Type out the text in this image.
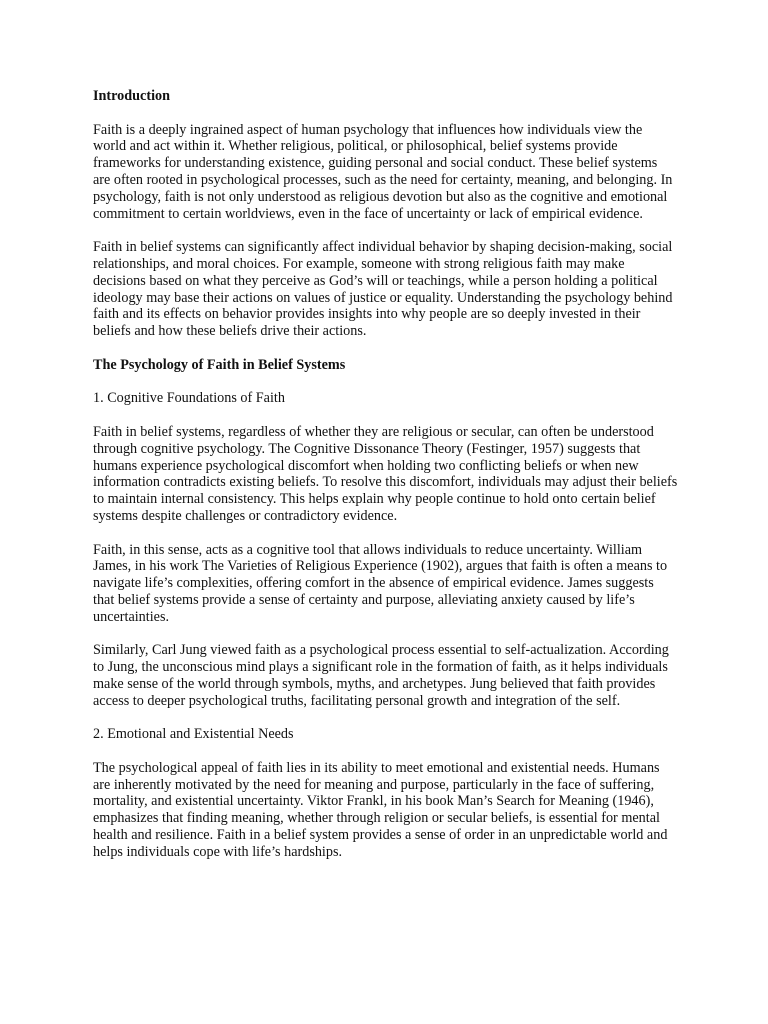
Introduction

Faith is a deeply ingrained aspect of human psychology that influences how individuals view the world and act within it. Whether religious, political, or philosophical, belief systems provide frameworks for understanding existence, guiding personal and social conduct. These belief systems are often rooted in psychological processes, such as the need for certainty, meaning, and belonging. In psychology, faith is not only understood as religious devotion but also as the cognitive and emotional commitment to certain worldviews, even in the face of uncertainty or lack of empirical evidence.

Faith in belief systems can significantly affect individual behavior by shaping decision-making, social relationships, and moral choices. For example, someone with strong religious faith may make decisions based on what they perceive as God’s will or teachings, while a person holding a political ideology may base their actions on values of justice or equality. Understanding the psychology behind faith and its effects on behavior provides insights into why people are so deeply invested in their beliefs and how these beliefs drive their actions.

The Psychology of Faith in Belief Systems

1. Cognitive Foundations of Faith

Faith in belief systems, regardless of whether they are religious or secular, can often be understood through cognitive psychology. The Cognitive Dissonance Theory (Festinger, 1957) suggests that humans experience psychological discomfort when holding two conflicting beliefs or when new information contradicts existing beliefs. To resolve this discomfort, individuals may adjust their beliefs to maintain internal consistency. This helps explain why people continue to hold onto certain belief systems despite challenges or contradictory evidence.

Faith, in this sense, acts as a cognitive tool that allows individuals to reduce uncertainty. William James, in his work The Varieties of Religious Experience (1902), argues that faith is often a means to navigate life’s complexities, offering comfort in the absence of empirical evidence. James suggests that belief systems provide a sense of certainty and purpose, alleviating anxiety caused by life’s uncertainties.

Similarly, Carl Jung viewed faith as a psychological process essential to self-actualization. According to Jung, the unconscious mind plays a significant role in the formation of faith, as it helps individuals make sense of the world through symbols, myths, and archetypes. Jung believed that faith provides access to deeper psychological truths, facilitating personal growth and integration of the self.

2. Emotional and Existential Needs

The psychological appeal of faith lies in its ability to meet emotional and existential needs. Humans are inherently motivated by the need for meaning and purpose, particularly in the face of suffering, mortality, and existential uncertainty. Viktor Frankl, in his book Man’s Search for Meaning (1946), emphasizes that finding meaning, whether through religion or secular beliefs, is essential for mental health and resilience. Faith in a belief system provides a sense of order in an unpredictable world and helps individuals cope with life’s hardships.
